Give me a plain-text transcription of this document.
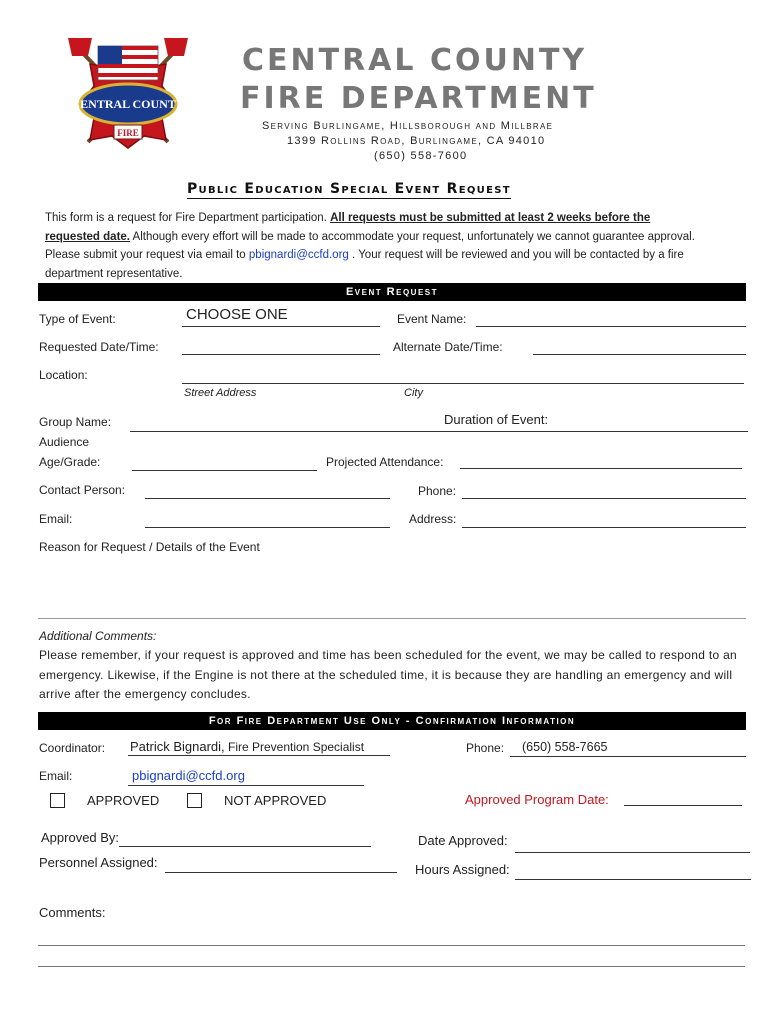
CENTRAL COUNTY
FIRE
CENTRAL COUNTY
FIRE DEPARTMENT
Serving Burlingame, Hillsborough and Millbrae
1399 Rollins Road, Burlingame, CA 94010
(650) 558-7600
Public Education Special Event Request
This form is a request for Fire Department participation. All requests must be submitted at least 2 weeks before the requested date. Although every effort will be made to accommodate your request, unfortunately we cannot guarantee approval. Please submit your request via email to pbignardi@ccfd.org . Your request will be reviewed and you will be contacted by a fire department representative.
Event Request
Type of Event:	CHOOSE ONE	Event Name:
Requested Date/Time:	Alternate Date/Time:
Location:
Street Address	City
Group Name:	Duration of Event:
Audience
Age/Grade:	Projected Attendance:
Contact Person:	Phone:
Email:	Address:
Reason for Request / Details of the Event
Additional Comments:
Please remember, if your request is approved and time has been scheduled for the event, we may be called to respond to an emergency. Likewise, if the Engine is not there at the scheduled time, it is because they are handling an emergency and will arrive after the emergency concludes.
For Fire Department Use Only - Confirmation Information
Coordinator: Patrick Bignardi, Fire Prevention Specialist	Phone: (650) 558-7665
Email:	pbignardi@ccfd.org
APPROVED	NOT APPROVED	Approved Program Date:
Approved By:	Date Approved:
Personnel Assigned:	Hours Assigned:
Comments:
